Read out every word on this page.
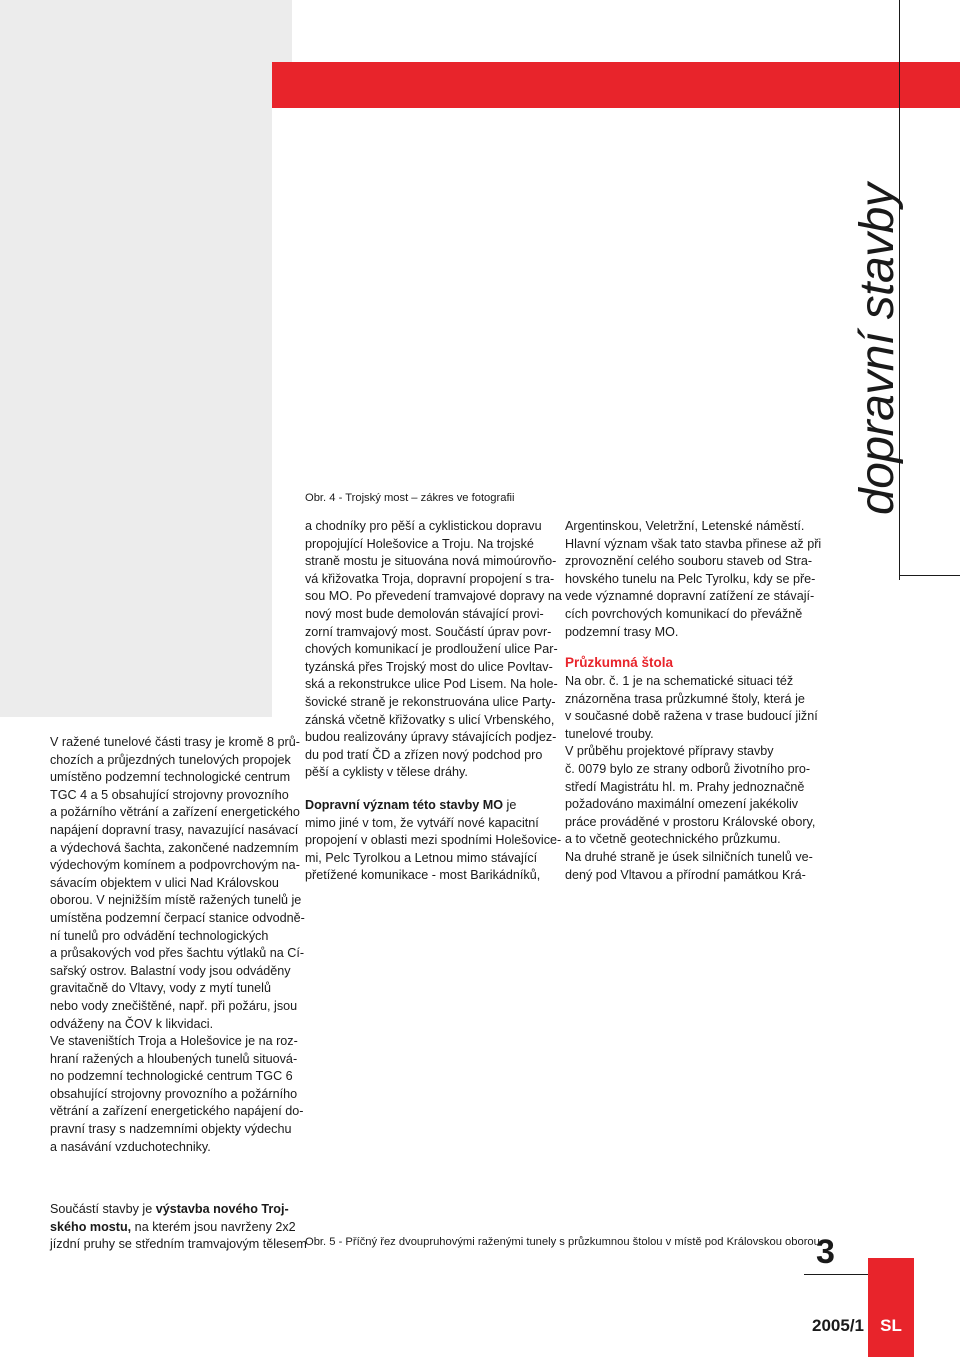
dopravní stavby
Obr. 4 - Trojský most – zákres ve fotografii
V ražené tunelové části trasy je kromě 8 prů-
chozích a průjezdných tunelových propojek
umístěno podzemní technologické centrum
TGC 4 a 5 obsahující strojovny provozního
a požárního větrání a zařízení energetického
napájení dopravní trasy, navazující nasávací
a výdechová šachta, zakončené nadzemním
výdechovým komínem a podpovrchovým na-
sávacím objektem v ulici Nad Královskou
oborou. V nejnižším místě ražených tunelů je
umístěna podzemní čerpací stanice odvodně-
ní tunelů pro odvádění technologických
a průsakových vod přes šachtu výtlaků na Cí-
sařský ostrov. Balastní vody jsou odváděny
gravitačně do Vltavy, vody z mytí tunelů
nebo vody znečištěné, např. při požáru, jsou
odváženy na ČOV k likvidaci.
Ve staveništích Troja a Holešovice je na roz-
hraní ražených a hloubených tunelů situová-
no podzemní technologické centrum TGC 6
obsahující strojovny provozního a požárního
větrání a zařízení energetického napájení do-
pravní trasy s nadzemními objekty výdechu
a nasávání vzduchotechniky.
Součástí stavby je výstavba nového Troj-
ského mostu, na kterém jsou navrženy 2x2
jízdní pruhy se středním tramvajovým tělesem
a chodníky pro pěší a cyklistickou dopravu
propojující Holešovice a Troju. Na trojské
straně mostu je situována nová mimoúrovňo-
vá křižovatka Troja, dopravní propojení s tra-
sou MO. Po převedení tramvajové dopravy na
nový most bude demolován stávající provi-
zorní tramvajový most. Součástí úprav povr-
chových komunikací je prodloužení ulice Par-
tyzánská přes Trojský most do ulice Povltav-
ská a rekonstrukce ulice Pod Lisem. Na hole-
šovické straně je rekonstruována ulice Party-
zánská včetně křižovatky s ulicí Vrbenského,
budou realizovány úpravy stávajících podjez-
du pod tratí ČD a zřízen nový podchod pro
pěší a cyklisty v tělese dráhy.
Dopravní význam této stavby MO je
mimo jiné v tom, že vytváří nové kapacitní
propojení v oblasti mezi spodními Holešovice-
mi, Pelc Tyrolkou a Letnou mimo stávající
přetížené komunikace - most Barikádníků,
Argentinskou, Veletržní, Letenské náměstí.
Hlavní význam však tato stavba přinese až při
zprovoznění celého souboru staveb od Stra-
hovského tunelu na Pelc Tyrolku, kdy se pře-
vede významné dopravní zatížení ze stávají-
cích povrchových komunikací do převážně
podzemní trasy MO.
Průzkumná štola
Na obr. č. 1 je na schematické situaci též
znázorněna trasa průzkumné štoly, která je
v současné době ražena v trase budoucí jižní
tunelové trouby.
V průběhu projektové přípravy stavby
č. 0079 bylo ze strany odborů životního pro-
středí Magistrátu hl. m. Prahy jednoznačně
požadováno maximální omezení jakékoliv
práce prováděné v prostoru Královské obory,
a to včetně geotechnického průzkumu.
Na druhé straně je úsek silničních tunelů ve-
dený pod Vltavou a přírodní památkou Krá-
Obr. 5 - Příčný řez dvoupruhovými raženými tunely s průzkumnou štolou v místě pod Královskou oborou
3
2005/1 SL
